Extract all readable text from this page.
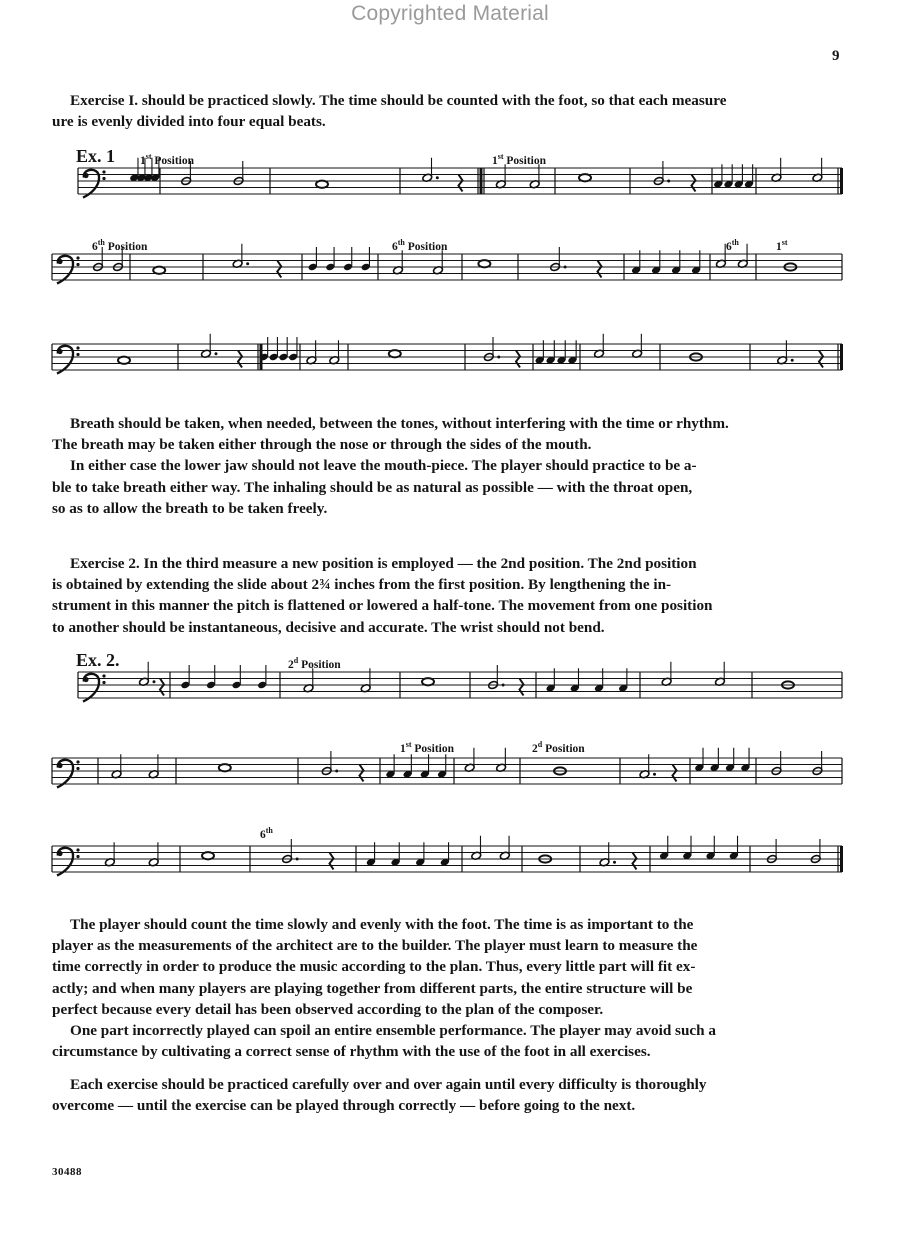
Copyrighted Material
9
Exercise I. should be practiced slowly. The time should be counted with the foot, so that each measure
ure is evenly divided into four equal beats.
Ex. 1 1st Position	1st Position
6th Position	6th Position	6th	1st
Breath should be taken, when needed, between the tones, without interfering with the time or rhythm.
The breath may be taken either through the nose or through the sides of the mouth.
In either case the lower jaw should not leave the mouth-piece. The player should practice to be a-
ble to take breath either way. The inhaling should be as natural as possible — with the throat open,
so as to allow the breath to be taken freely.
Exercise 2. In the third measure a new position is employed — the 2nd position. The 2nd position
is obtained by extending the slide about 2¾ inches from the first position. By lengthening the in-
strument in this manner the pitch is flattened or lowered a half-tone. The movement from one position
to another should be instantaneous, decisive and accurate. The wrist should not bend.
Ex. 2.	2$^d$ Position
1st Position	2$^d$ Position
6th
The player should count the time slowly and evenly with the foot. The time is as important to the
player as the measurements of the architect are to the builder. The player must learn to measure the
time correctly in order to produce the music according to the plan. Thus, every little part will fit ex-
actly; and when many players are playing together from different parts, the entire structure will be
perfect because every detail has been observed according to the plan of the composer.
One part incorrectly played can spoil an entire ensemble performance. The player may avoid such a
circumstance by cultivating a correct sense of rhythm with the use of the foot in all exercises.
Each exercise should be practiced carefully over and over again until every difficulty is thoroughly
overcome — until the exercise can be played through correctly — before going to the next.
30488
